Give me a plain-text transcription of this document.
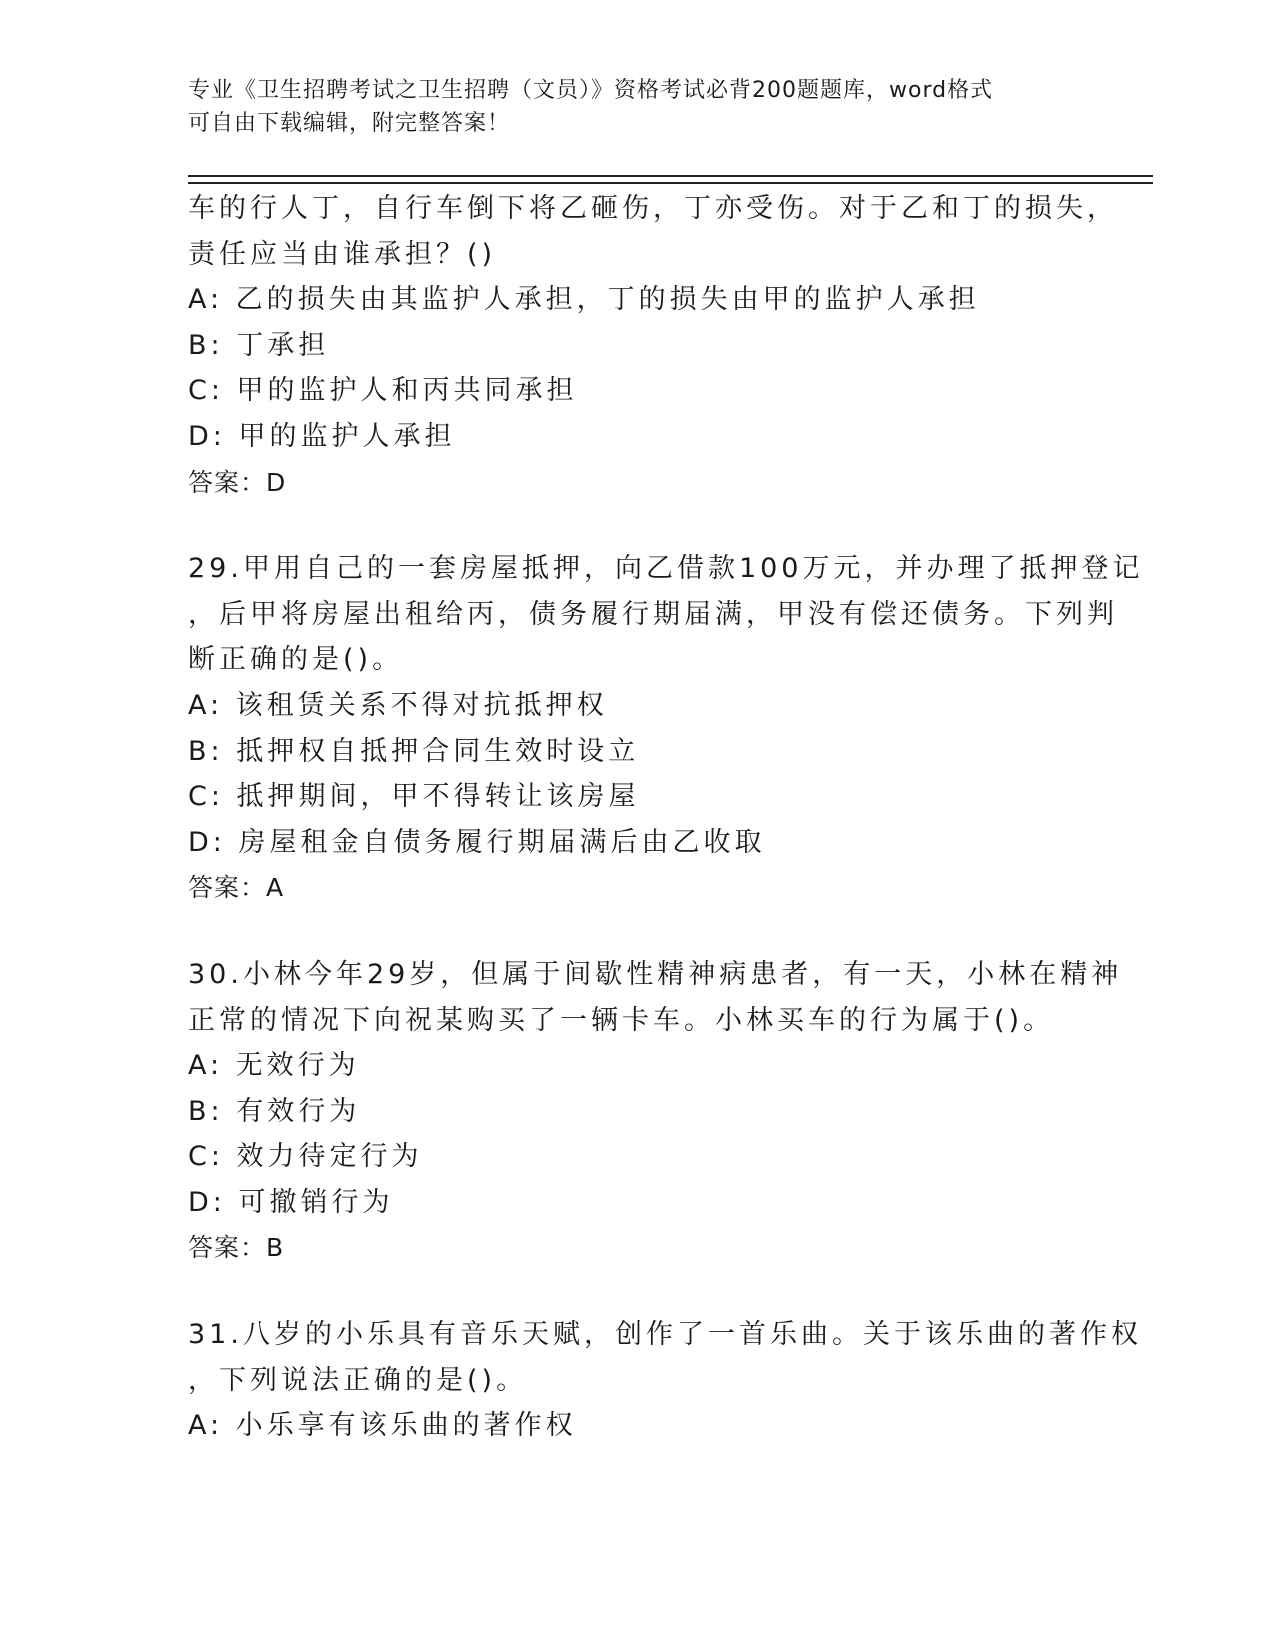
专业《卫生招聘考试之卫生招聘（文员）》资格考试必背200题题库，word格式
可自由下载编辑，附完整答案！
车的行人丁，自行车倒下将乙砸伤，丁亦受伤。对于乙和丁的损失，
责任应当由谁承担？()
A: 乙的损失由其监护人承担，丁的损失由甲的监护人承担
B: 丁承担
C: 甲的监护人和丙共同承担
D: 甲的监护人承担
答案：D
29.甲用自己的一套房屋抵押，向乙借款100万元，并办理了抵押登记
，后甲将房屋出租给丙，债务履行期届满，甲没有偿还债务。下列判
断正确的是()。
A: 该租赁关系不得对抗抵押权
B: 抵押权自抵押合同生效时设立
C: 抵押期间，甲不得转让该房屋
D: 房屋租金自债务履行期届满后由乙收取
答案：A
30.小林今年29岁，但属于间歇性精神病患者，有一天，小林在精神
正常的情况下向祝某购买了一辆卡车。小林买车的行为属于()。
A: 无效行为
B: 有效行为
C: 效力待定行为
D: 可撤销行为
答案：B
31.八岁的小乐具有音乐天赋，创作了一首乐曲。关于该乐曲的著作权
，下列说法正确的是()。
A: 小乐享有该乐曲的著作权
